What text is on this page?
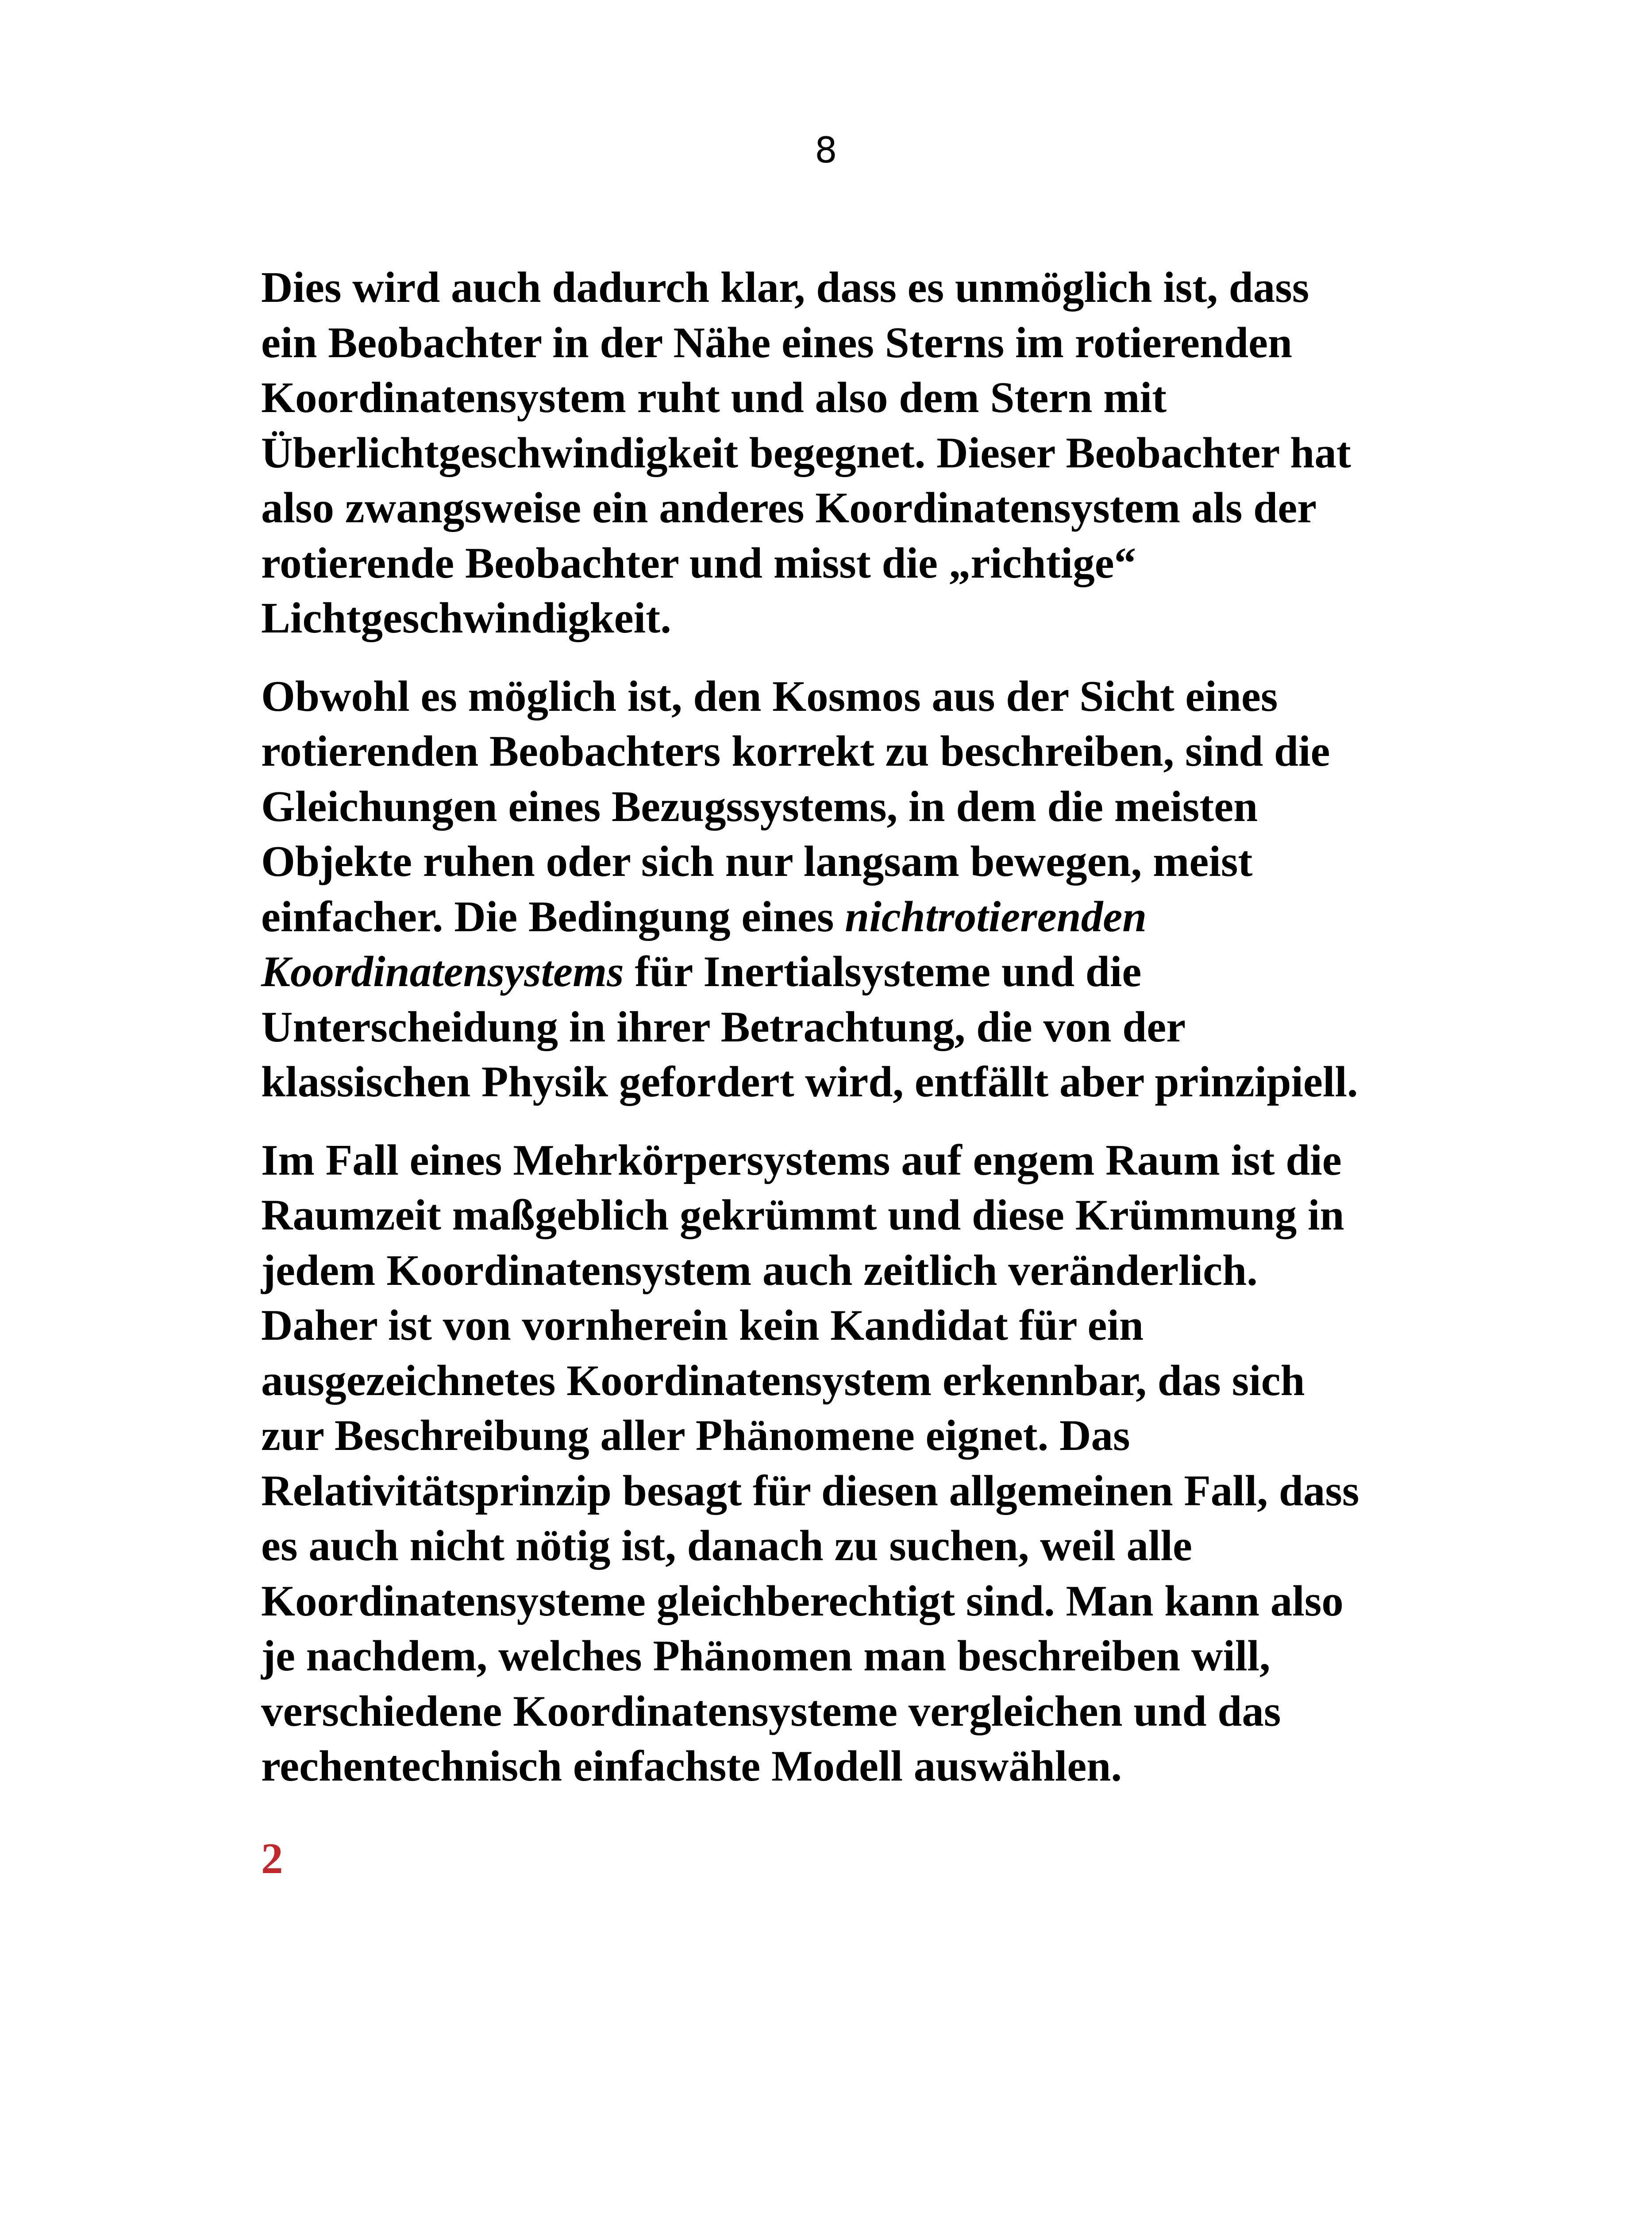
8

Dies wird auch dadurch klar, dass es unmöglich ist, dass
ein Beobachter in der Nähe eines Sterns im rotierenden
Koordinatensystem ruht und also dem Stern mit
Überlichtgeschwindigkeit begegnet. Dieser Beobachter hat
also zwangsweise ein anderes Koordinatensystem als der
rotierende Beobachter und misst die „richtige“
Lichtgeschwindigkeit.

Obwohl es möglich ist, den Kosmos aus der Sicht eines
rotierenden Beobachters korrekt zu beschreiben, sind die
Gleichungen eines Bezugssystems, in dem die meisten
Objekte ruhen oder sich nur langsam bewegen, meist
einfacher. Die Bedingung eines nichtrotierenden
Koordinatensystems für Inertialsysteme und die
Unterscheidung in ihrer Betrachtung, die von der
klassischen Physik gefordert wird, entfällt aber prinzipiell.

Im Fall eines Mehrkörpersystems auf engem Raum ist die
Raumzeit maßgeblich gekrümmt und diese Krümmung in
jedem Koordinatensystem auch zeitlich veränderlich.
Daher ist von vornherein kein Kandidat für ein
ausgezeichnetes Koordinatensystem erkennbar, das sich
zur Beschreibung aller Phänomene eignet. Das
Relativitätsprinzip besagt für diesen allgemeinen Fall, dass
es auch nicht nötig ist, danach zu suchen, weil alle
Koordinatensysteme gleichberechtigt sind. Man kann also
je nachdem, welches Phänomen man beschreiben will,
verschiedene Koordinatensysteme vergleichen und das
rechentechnisch einfachste Modell auswählen.

2
